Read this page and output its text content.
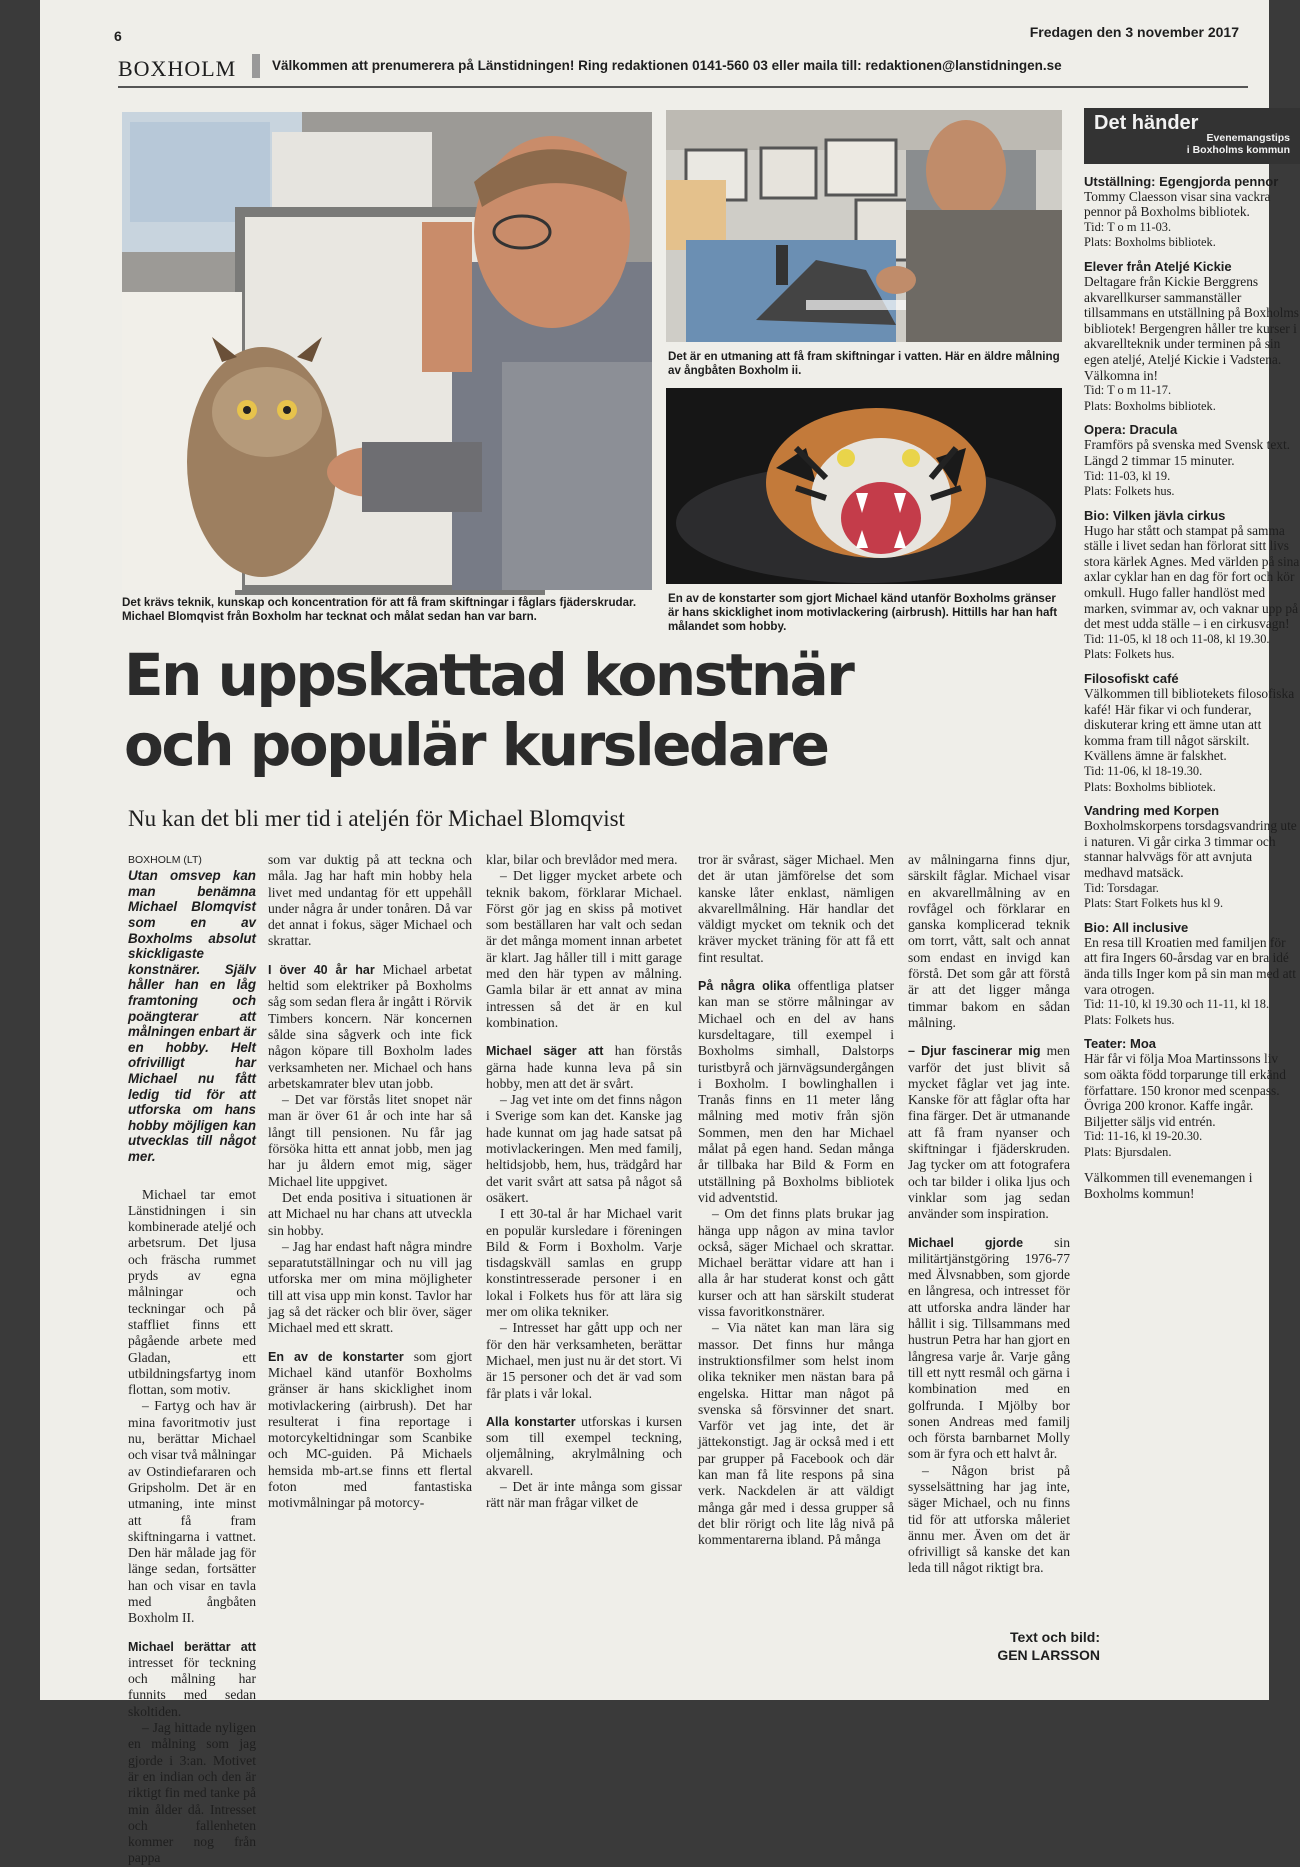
6	Fredagen den 3 november 2017
BOXHOLM	Välkommen att prenumerera på Länstidningen! Ring redaktionen 0141-560 03 eller maila till: redaktionen@lanstidningen.se
Det är en utmaning att få fram skiftningar i vatten. Här en äldre målning av ångbåten Boxholm ii.
En av de konstarter som gjort Michael känd utanför Boxholms gränser är hans skicklighet inom motivlackering (airbrush). Hittills har han haft målandet som hobby.
Det krävs teknik, kunskap och koncentration för att få fram skiftningar i fåglars fjäderskrudar. Michael Blomqvist från Boxholm har tecknat och målat sedan han var barn.
En uppskattad konstnär
och populär kursledare
Nu kan det bli mer tid i ateljén för Michael Blomqvist

BOXHOLM (LT)

Utan omsvep kan man benämna Michael Blomqvist som en av Boxholms absolut skickligaste konstnärer. Själv håller han en låg framtoning och poängterar att målningen enbart är en hobby. Helt ofrivilligt har Michael nu fått ledig tid för att utforska om hans hobby möjligen kan utvecklas till något mer.

Michael tar emot Länstidningen i sin kombinerade ateljé och arbetsrum. Det ljusa och fräscha rummet pryds av egna målningar och teckningar och på staffliet finns ett pågående arbete med Gladan, ett utbildningsfartyg inom flottan, som motiv.

– Fartyg och hav är mina favoritmotiv just nu, berättar Michael och visar två målningar av Ostindiefararen och Gripsholm. Det är en utmaning, inte minst att få fram skiftningarna i vattnet. Den här målade jag för länge sedan, fortsätter han och visar en tavla med ångbåten Boxholm II.

Michael berättar att intresset för teckning och målning har funnits med sedan skoltiden.

– Jag hittade nyligen en målning som jag gjorde i 3:an. Motivet är en indian och den är riktigt fin med tanke på min ålder då. Intresset och fallenheten kommer nog från pappa

som var duktig på att teckna och måla. Jag har haft min hobby hela livet med undantag för ett uppehåll under några år under tonåren. Då var det annat i fokus, säger Michael och skrattar.

I över 40 år har Michael arbetat heltid som elektriker på Boxholms såg som sedan flera år ingått i Rörvik Timbers koncern. När koncernen sålde sina sågverk och inte fick någon köpare till Boxholm lades verksamheten ner. Michael och hans arbetskamrater blev utan jobb.

– Det var förstås litet snopet när man är över 61 år och inte har så långt till pensionen. Nu får jag försöka hitta ett annat jobb, men jag har ju åldern emot mig, säger Michael lite uppgivet.

Det enda positiva i situationen är att Michael nu har chans att utveckla sin hobby.

– Jag har endast haft några mindre separatutställningar och nu vill jag utforska mer om mina möjligheter till att visa upp min konst. Tavlor har jag så det räcker och blir över, säger Michael med ett skratt.

En av de konstarter som gjort Michael känd utanför Boxholms gränser är hans skicklighet inom motivlackering (airbrush). Det har resulterat i fina reportage i motorcykeltidningar som Scanbike och MC-guiden. På Michaels hemsida mb-art.se finns ett flertal foton med fantastiska motivmålningar på motorcy-

klar, bilar och brevlådor med mera.

– Det ligger mycket arbete och teknik bakom, förklarar Michael. Först gör jag en skiss på motivet som beställaren har valt och sedan är det många moment innan arbetet är klart. Jag håller till i mitt garage med den här typen av målning. Gamla bilar är ett annat av mina intressen så det är en kul kombination.

Michael säger att han förstås gärna hade kunna leva på sin hobby, men att det är svårt.

– Jag vet inte om det finns någon i Sverige som kan det. Kanske jag hade kunnat om jag hade satsat på motivlackeringen. Men med familj, heltidsjobb, hem, hus, trädgård har det varit svårt att satsa på något så osäkert.

I ett 30-tal år har Michael varit en populär kursledare i föreningen Bild & Form i Boxholm. Varje tisdagskväll samlas en grupp konstintresserade personer i en lokal i Folkets hus för att lära sig mer om olika tekniker.

– Intresset har gått upp och ner för den här verksamheten, berättar Michael, men just nu är det stort. Vi är 15 personer och det är vad som får plats i vår lokal.

Alla konstarter utforskas i kursen som till exempel teckning, oljemålning, akrylmålning och akvarell.

– Det är inte många som gissar rätt när man frågar vilket de

tror är svårast, säger Michael. Men det är utan jämförelse det som kanske låter enklast, nämligen akvarellmålning. Här handlar det väldigt mycket om teknik och det kräver mycket träning för att få ett fint resultat.

På några olika offentliga platser kan man se större målningar av Michael och en del av hans kursdeltagare, till exempel i Boxholms simhall, Dalstorps turistbyrå och järnvägsundergången i Boxholm. I bowlinghallen i Tranås finns en 11 meter lång målning med motiv från sjön Sommen, men den har Michael målat på egen hand. Sedan många år tillbaka har Bild & Form en utställning på Boxholms bibliotek vid adventstid.

– Om det finns plats brukar jag hänga upp någon av mina tavlor också, säger Michael och skrattar. Michael berättar vidare att han i alla år har studerat konst och gått kurser och att han särskilt studerat vissa favoritkonstnärer.

– Via nätet kan man lära sig massor. Det finns hur många instruktionsfilmer som helst inom olika tekniker men nästan bara på engelska. Hittar man något på svenska så försvinner det snart. Varför vet jag inte, det är jättekonstigt. Jag är också med i ett par grupper på Facebook och där kan man få lite respons på sina verk. Nackdelen är att väldigt många går med i dessa grupper så det blir rörigt och lite låg nivå på kommentarerna ibland. På många

av målningarna finns djur, särskilt fåglar. Michael visar en akvarellmålning av en rovfågel och förklarar en ganska komplicerad teknik om torrt, vått, salt och annat som endast en invigd kan förstå. Det som går att förstå är att det ligger många timmar bakom en sådan målning.

– Djur fascinerar mig men varför det just blivit så mycket fåglar vet jag inte. Kanske för att fåglar ofta har fina färger. Det är utmanande att få fram nyanser och skiftningar i fjäderskruden. Jag tycker om att fotografera och tar bilder i olika ljus och vinklar som jag sedan använder som inspiration.

Michael gjorde sin militärtjänstgöring 1976-77 med Älvsnabben, som gjorde en långresa, och intresset för att utforska andra länder har hållit i sig. Tillsammans med hustrun Petra har han gjort en långresa varje år. Varje gång till ett nytt resmål och gärna i kombination med en golfrunda. I Mjölby bor sonen Andreas med familj och första barnbarnet Molly som är fyra och ett halvt år.

– Någon brist på sysselsättning har jag inte, säger Michael, och nu finns tid för att utforska måleriet ännu mer. Även om det är ofrivilligt så kanske det kan leda till något riktigt bra.

Text och bild:
GEN LARSSON
Det händer
Evenemangstips
i Boxholms kommun
Utställning: Egengjorda pennor
Tommy Claesson visar sina vackra pennor på Boxholms bibliotek.
Tid: T o m 11-03.
Plats: Boxholms bibliotek.
Elever från Ateljé Kickie
Deltagare från Kickie Berggrens akvarellkurser sammanställer tillsammans en utställning på Boxholms bibliotek! Bergengren håller tre kurser i akvarellteknik under terminen på sin egen ateljé, Ateljé Kickie i Vadstena. Välkomna in!
Tid: T o m 11-17.
Plats: Boxholms bibliotek.
Opera: Dracula
Framförs på svenska med Svensk text. Längd 2 timmar 15 minuter.
Tid: 11-03, kl 19.
Plats: Folkets hus.
Bio: Vilken jävla cirkus
Hugo har stått och stampat på samma ställe i livet sedan han förlorat sitt livs stora kärlek Agnes. Med världen på sina axlar cyklar han en dag för fort och kör omkull. Hugo faller handlöst med marken, svimmar av, och vaknar upp på det mest udda ställe – i en cirkusvagn!
Tid: 11-05, kl 18 och 11-08, kl 19.30.
Plats: Folkets hus.
Filosofiskt café
Välkommen till bibliotekets filosofiska kafé! Här fikar vi och funderar, diskuterar kring ett ämne utan att komma fram till något särskilt. Kvällens ämne är falskhet.
Tid: 11-06, kl 18-19.30.
Plats: Boxholms bibliotek.
Vandring med Korpen
Boxholmskorpens torsdagsvandring ute i naturen. Vi går cirka 3 timmar och stannar halvvägs för att avnjuta medhavd matsäck.
Tid: Torsdagar.
Plats: Start Folkets hus kl 9.
Bio: All inclusive
En resa till Kroatien med familjen för att fira Ingers 60-årsdag var en bra idé ända tills Inger kom på sin man med att vara otrogen.
Tid: 11-10, kl 19.30 och 11-11, kl 18.
Plats: Folkets hus.
Teater: Moa
Här får vi följa Moa Martinssons liv som oäkta född torparunge till erkänd författare. 150 kronor med scenpass. Övriga 200 kronor. Kaffe ingår. Biljetter säljs vid entrén.
Tid: 11-16, kl 19-20.30.
Plats: Bjursdalen.
Välkommen till evenemangen i Boxholms kommun!
